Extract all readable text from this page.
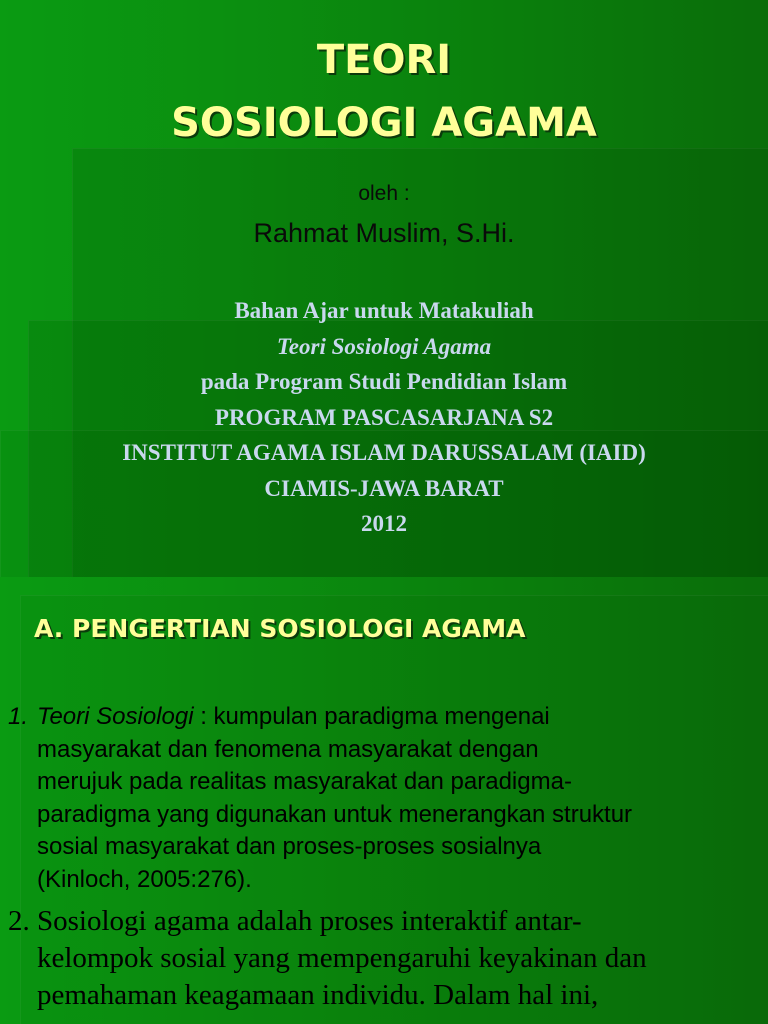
TEORI
SOSIOLOGI AGAMA
oleh :
Rahmat Muslim, S.Hi.
Bahan Ajar untuk Matakuliah
Teori Sosiologi Agama
pada Program Studi Pendidian Islam
PROGRAM PASCASARJANA S2
INSTITUT AGAMA ISLAM DARUSSALAM (IAID)
CIAMIS-JAWA BARAT
2012
A. PENGERTIAN SOSIOLOGI AGAMA
1. Teori Sosiologi : kumpulan paradigma mengenai
masyarakat dan fenomena masyarakat dengan
merujuk pada realitas masyarakat dan paradigma-
paradigma yang digunakan untuk menerangkan struktur
sosial masyarakat dan proses-proses sosialnya
(Kinloch, 2005:276).
2. Sosiologi agama adalah proses interaktif antar-
kelompok sosial yang mempengaruhi keyakinan dan
pemahaman keagamaan individu. Dalam hal ini,
